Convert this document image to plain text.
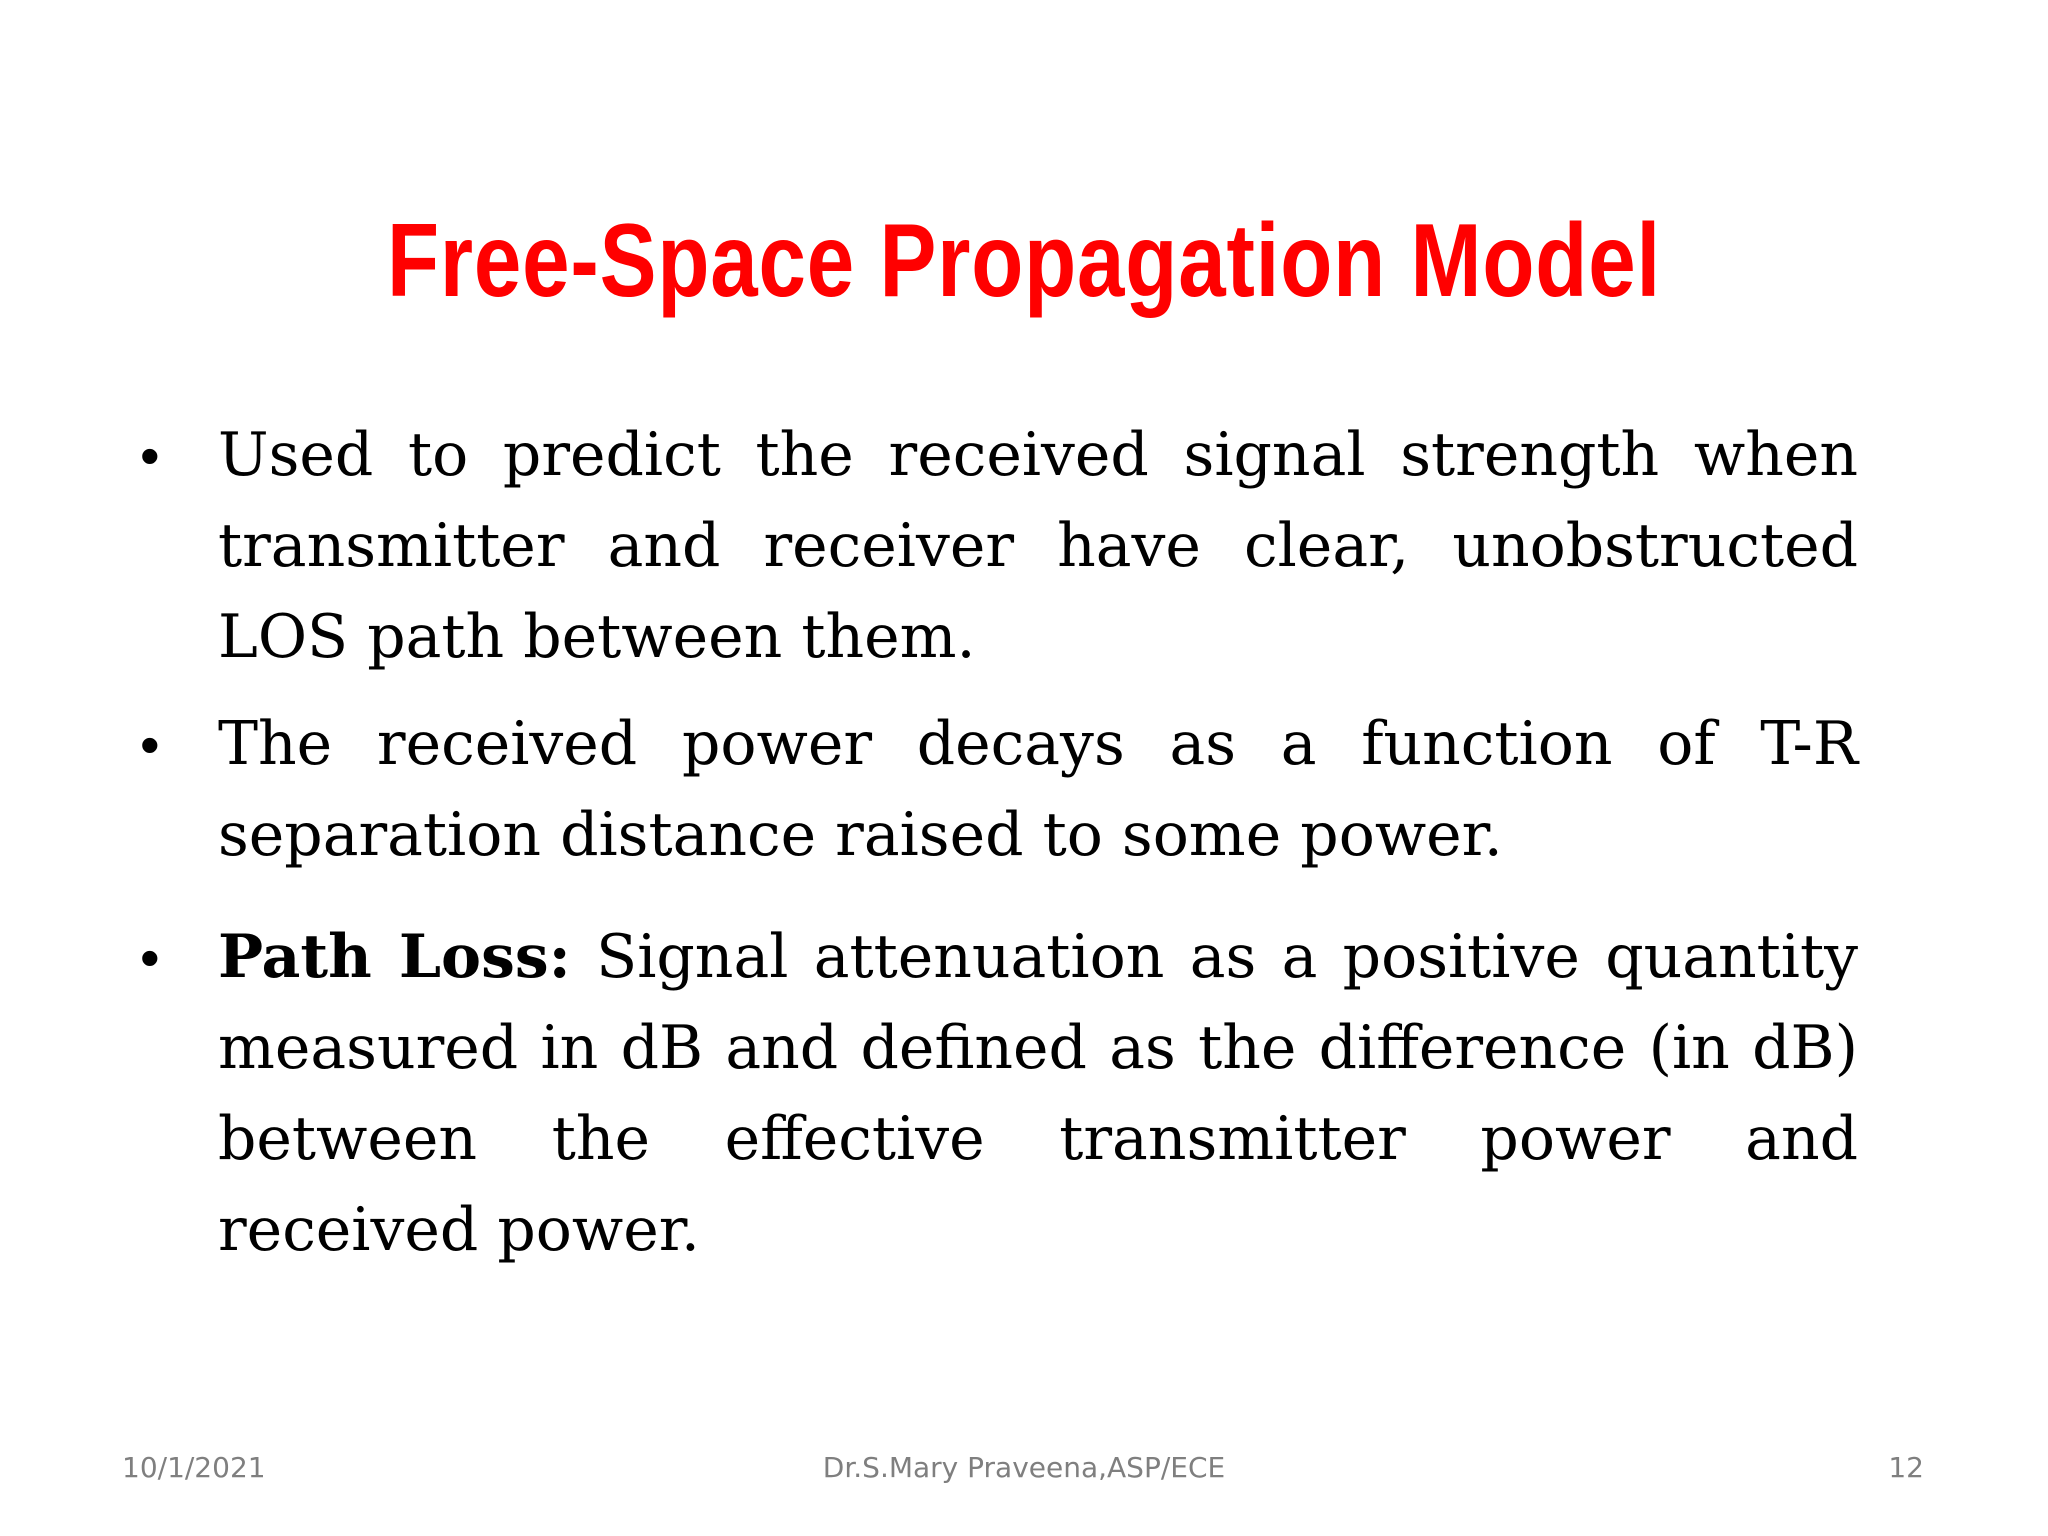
Free-Space Propagation Model
• Used to predict the received signal strength when transmitter and receiver have clear, unobstructed LOS path between them.
• The received power decays as a function of T-R separation distance raised to some power.
• Path Loss: Signal attenuation as a positive quantity measured in dB and defined as the difference (in dB) between the effective transmitter power and received power.
10/1/2021	Dr.S.Mary Praveena,ASP/ECE	12
